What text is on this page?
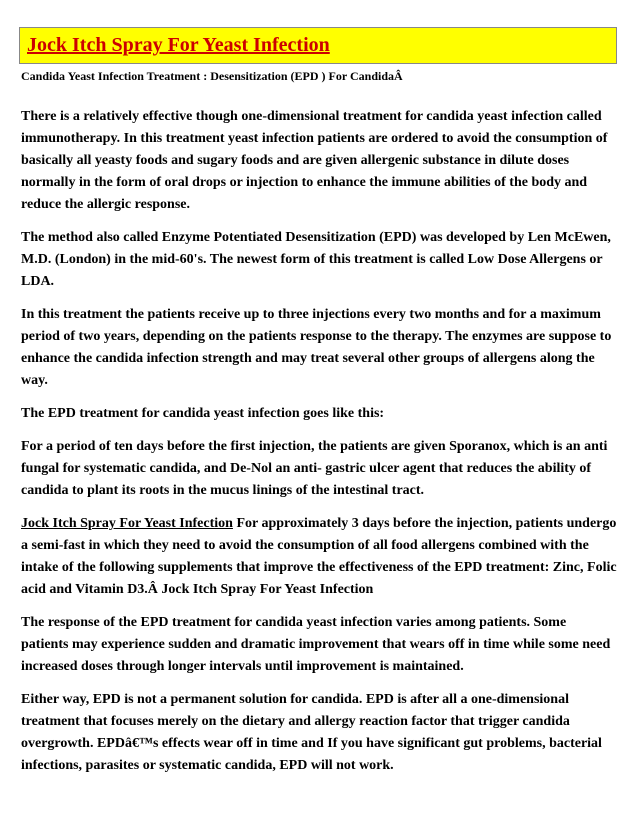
Jock Itch Spray For Yeast Infection
Candida Yeast Infection Treatment : Desensitization (EPD ) For CandidaÂ

There is a relatively effective though one-dimensional treatment for candida yeast infection called immunotherapy. In this treatment yeast infection patients are ordered to avoid the consumption of basically all yeasty foods and sugary foods and are given allergenic substance in dilute doses normally in the form of oral drops or injection to enhance the immune abilities of the body and reduce the allergic response.

The method also called Enzyme Potentiated Desensitization (EPD) was developed by Len McEwen, M.D. (London) in the mid-60's. The newest form of this treatment is called Low Dose Allergens or LDA.

In this treatment the patients receive up to three injections every two months and for a maximum period of two years, depending on the patients response to the therapy. The enzymes are suppose to enhance the candida infection strength and may treat several other groups of allergens along the way.

The EPD treatment for candida yeast infection goes like this:

For a period of ten days before the first injection, the patients are given Sporanox, which is an anti fungal for systematic candida, and De-Nol an anti- gastric ulcer agent that reduces the ability of candida to plant its roots in the mucus linings of the intestinal tract.

Jock Itch Spray For Yeast Infection For approximately 3 days before the injection, patients undergo a semi-fast in which they need to avoid the consumption of all food allergens combined with the intake of the following supplements that improve the effectiveness of the EPD treatment: Zinc, Folic acid and Vitamin D3.Â Jock Itch Spray For Yeast Infection

The response of the EPD treatment for candida yeast infection varies among patients. Some patients may experience sudden and dramatic improvement that wears off in time while some need increased doses through longer intervals until improvement is maintained.

Either way, EPD is not a permanent solution for candida. EPD is after all a one-dimensional treatment that focuses merely on the dietary and allergy reaction factor that trigger candida overgrowth. EPDâ€™s effects wear off in time and If you have significant gut problems, bacterial infections, parasites or systematic candida, EPD will not work.
